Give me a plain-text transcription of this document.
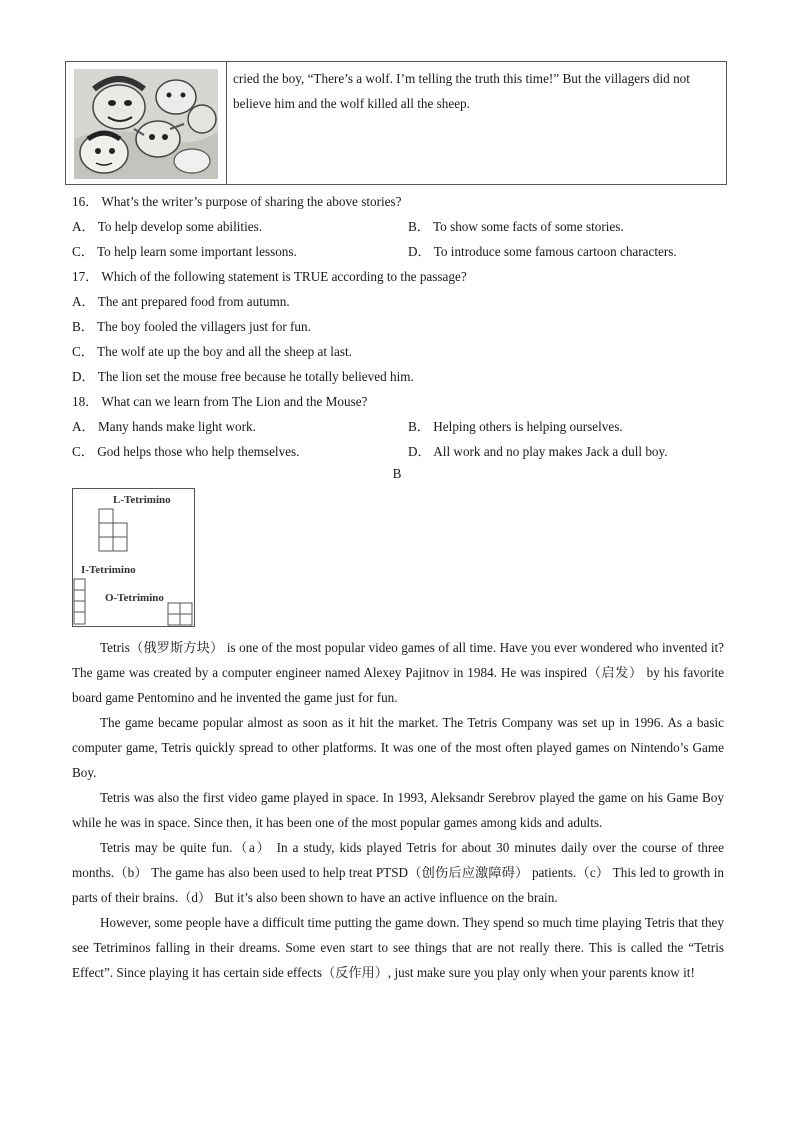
cried the boy, “There’s a wolf. I’m telling the truth this time!” But the villagers did not believe him and the wolf killed all the sheep.
16． What’s the writer’s purpose of sharing the above stories?
A． To help develop some abilities.	B． To show some facts of some stories.
C． To help learn some important lessons.	D． To introduce some famous cartoon characters.
17． Which of the following statement is TRUE according to the passage?
A． The ant prepared food from autumn.
B． The boy fooled the villagers just for fun.
C． The wolf ate up the boy and all the sheep at last.
D． The lion set the mouse free because he totally believed him.
18． What can we learn from The Lion and the Mouse?
A． Many hands make light work.	B． Helping others is helping ourselves.
C． God helps those who help themselves.	D． All work and no play makes Jack a dull boy.
B
L-Tetrimino
I-Tetrimino
O-Tetrimino
Tetris（俄罗斯方块） is one of the most popular video games of all time. Have you ever wondered who invented it? The game was created by a computer engineer named Alexey Pajitnov in 1984. He was inspired（启发） by his favorite board game Pentomino and he invented the game just for fun.
The game became popular almost as soon as it hit the market. The Tetris Company was set up in 1996. As a basic computer game, Tetris quickly spread to other platforms. It was one of the most often played games on Nintendo’s Game Boy.
Tetris was also the first video game played in space. In 1993, Aleksandr Serebrov played the game on his Game Boy while he was in space. Since then, it has been one of the most popular games among kids and adults.
Tetris may be quite fun.（a） In a study, kids played Tetris for about 30 minutes daily over the course of three months.（b） The game has also been used to help treat PTSD（创伤后应激障碍） patients.（c） This led to growth in parts of their brains.（d） But it’s also been shown to have an active influence on the brain.
However, some people have a difficult time putting the game down. They spend so much time playing Tetris that they see Tetriminos falling in their dreams. Some even start to see things that are not really there. This is called the “Tetris Effect”. Since playing it has certain side effects（反作用）, just make sure you play only when your parents know it!
